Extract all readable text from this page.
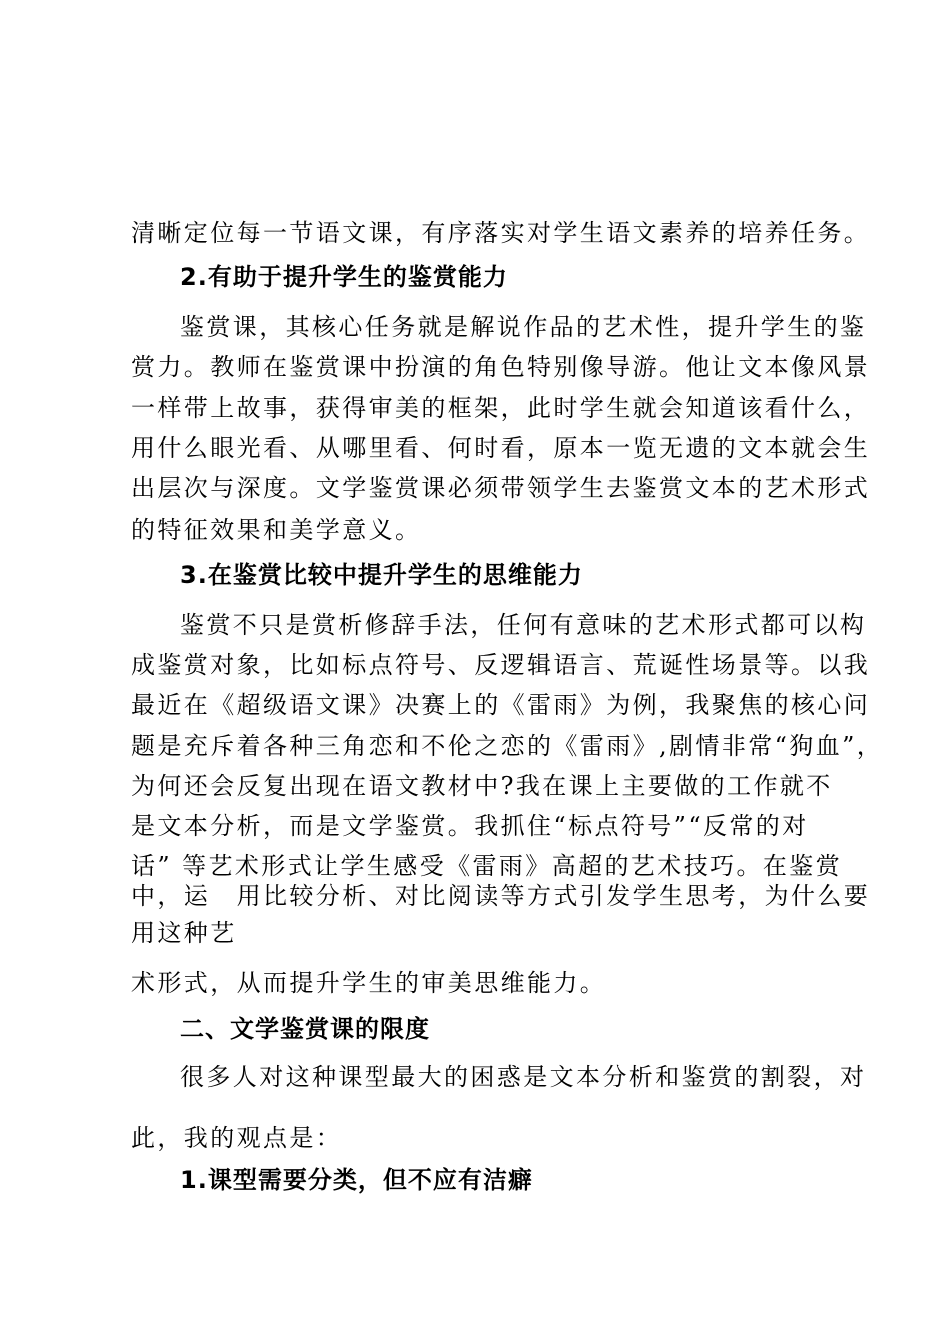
清晰定位每一节语文课，有序落实对学生语文素养的培养任务。
2.有助于提升学生的鉴赏能力
鉴赏课，其核心任务就是解说作品的艺术性，提升学生的鉴
赏力。教师在鉴赏课中扮演的角色特别像导游。他让文本像风景
一样带上故事，获得审美的框架，此时学生就会知道该看什么，
用什么眼光看、从哪里看、何时看，原本一览无遗的文本就会生
出层次与深度。文学鉴赏课必须带领学生去鉴赏文本的艺术形式
的特征效果和美学意义。
3.在鉴赏比较中提升学生的思维能力
鉴赏不只是赏析修辞手法，任何有意味的艺术形式都可以构
成鉴赏对象，比如标点符号、反逻辑语言、荒诞性场景等。以我
最近在《超级语文课》决赛上的《雷雨》为例，我聚焦的核心问
题是充斥着各种三角恋和不伦之恋的《雷雨》,剧情非常“狗血”，
为何还会反复出现在语文教材中?我在课上主要做的工作就不
是文本分析，而是文学鉴赏。我抓住“标点符号”“反常的对
话” 等艺术形式让学生感受《雷雨》高超的艺术技巧。在鉴赏
中，运　用比较分析、对比阅读等方式引发学生思考，为什么要
用这种艺
术形式，从而提升学生的审美思维能力。
二、文学鉴赏课的限度
很多人对这种课型最大的困惑是文本分析和鉴赏的割裂，对
此，我的观点是：
1.课型需要分类，但不应有洁癖
